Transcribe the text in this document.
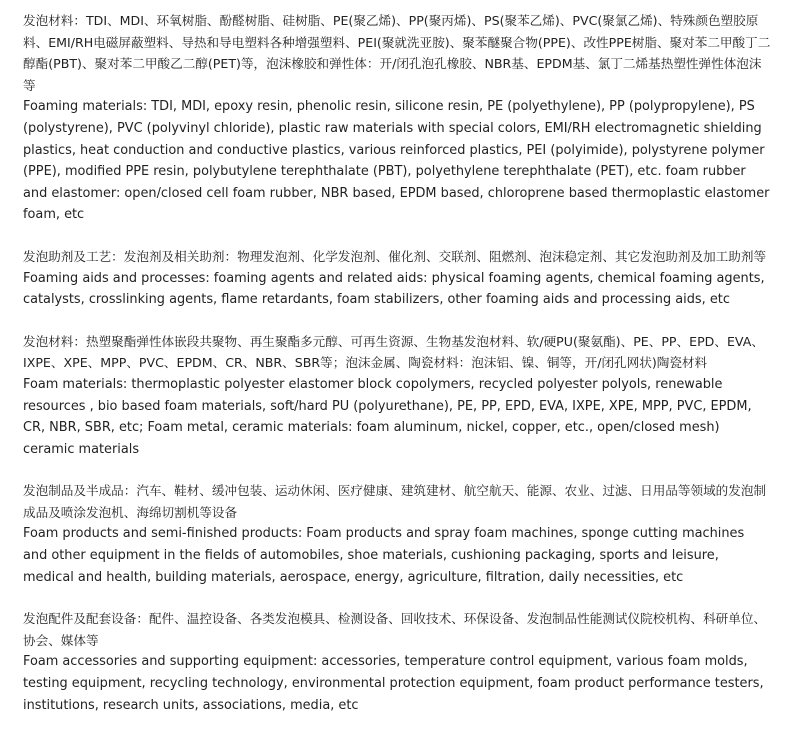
发泡材料：TDI、MDI、环氧树脂、酚醛树脂、硅树脂、PE(聚乙烯)、PP(聚丙烯)、PS(聚苯乙烯)、PVC(聚氯乙烯)、特殊颜色塑胶原料、EMI/RH电磁屏蔽塑料、导热和导电塑料各种增强塑料、PEI(聚就洗亚胺)、聚苯醚聚合物(PPE)、改性PPE树脂、聚对苯二甲酸丁二醇酯(PBT)、聚对苯二甲酸乙二醇(PET)等，泡沫橡胶和弹性体：开/闭孔泡孔橡胶、NBR基、EPDM基、氯丁二烯基热塑性弹性体泡沫等

Foaming materials: TDI, MDI, epoxy resin, phenolic resin, silicone resin, PE (polyethylene), PP (polypropylene), PS (polystyrene), PVC (polyvinyl chloride), plastic raw materials with special colors, EMI/RH electromagnetic shielding plastics, heat conduction and conductive plastics, various reinforced plastics, PEI (polyimide), polystyrene polymer (PPE), modified PPE resin, polybutylene terephthalate (PBT), polyethylene terephthalate (PET), etc. foam rubber and elastomer: open/closed cell foam rubber, NBR based, EPDM based, chloroprene based thermoplastic elastomer foam, etc

发泡助剂及工艺：发泡剂及相关助剂：物理发泡剂、化学发泡剂、催化剂、交联剂、阻燃剂、泡沫稳定剂、其它发泡助剂及加工助剂等

Foaming aids and processes: foaming agents and related aids: physical foaming agents, chemical foaming agents, catalysts, crosslinking agents, flame retardants, foam stabilizers, other foaming aids and processing aids, etc

发泡材料：热塑聚酯弹性体嵌段共聚物、再生聚酯多元醇、可再生资源、生物基发泡材料、软/硬PU(聚氨酯)、PE、PP、EPD、EVA、IXPE、XPE、MPP、PVC、EPDM、CR、NBR、SBR等；泡沫金属、陶瓷材料：泡沫铝、镍、铜等，开/闭孔网状)陶瓷材料

Foam materials: thermoplastic polyester elastomer block copolymers, recycled polyester polyols, renewable resources , bio based foam materials, soft/hard PU (polyurethane), PE, PP, EPD, EVA, IXPE, XPE, MPP, PVC, EPDM, CR, NBR, SBR, etc; Foam metal, ceramic materials: foam aluminum, nickel, copper, etc., open/closed mesh) ceramic materials

发泡制品及半成品：汽车、鞋材、缓冲包装、运动休闲、医疗健康、建筑建材、航空航天、能源、农业、过滤、日用品等领域的发泡制成品及喷涂发泡机、海绵切割机等设备

Foam products and semi-finished products: Foam products and spray foam machines, sponge cutting machines and other equipment in the fields of automobiles, shoe materials, cushioning packaging, sports and leisure, medical and health, building materials, aerospace, energy, agriculture, filtration, daily necessities, etc

发泡配件及配套设备：配件、温控设备、各类发泡模具、检测设备、回收技术、环保设备、发泡制品性能测试仪院校机构、科研单位、协会、媒体等

Foam accessories and supporting equipment: accessories, temperature control equipment, various foam molds, testing equipment, recycling technology, environmental protection equipment, foam product performance testers, institutions, research units, associations, media, etc
